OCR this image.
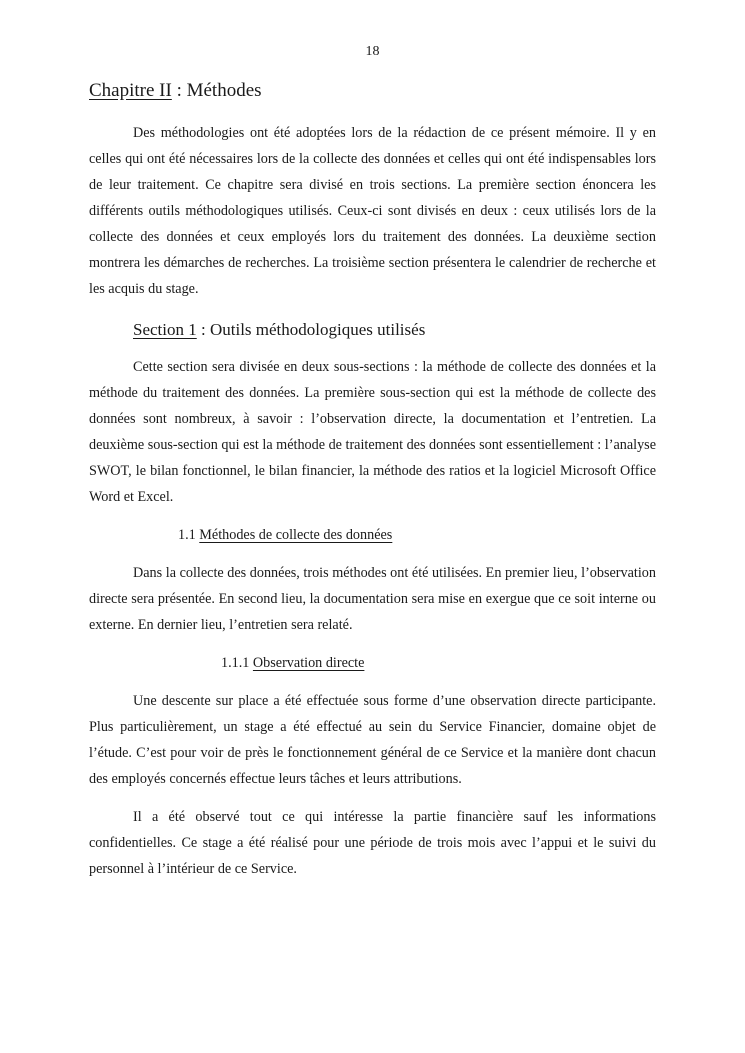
18
Chapitre II : Méthodes

Des méthodologies ont été adoptées lors de la rédaction de ce présent mémoire. Il y en celles qui ont été nécessaires lors de la collecte des données et celles qui ont été indispensables lors de leur traitement. Ce chapitre sera divisé en trois sections. La première section énoncera les différents outils méthodologiques utilisés. Ceux-ci sont divisés en deux : ceux utilisés lors de la collecte des données et ceux employés lors du traitement des données. La deuxième section montrera les démarches de recherches. La troisième section présentera le calendrier de recherche et les acquis du stage.

Section 1 : Outils méthodologiques utilisés

Cette section sera divisée en deux sous-sections : la méthode de collecte des données et la méthode du traitement des données. La première sous-section qui est la méthode de collecte des données sont nombreux, à savoir : l’observation directe, la documentation et l’entretien. La deuxième sous-section qui est la méthode de traitement des données sont essentiellement : l’analyse SWOT, le bilan fonctionnel, le bilan financier, la méthode des ratios et la logiciel Microsoft Office Word et Excel.

1.1 Méthodes de collecte des données

Dans la collecte des données, trois méthodes ont été utilisées. En premier lieu, l’observation directe sera présentée. En second lieu, la documentation sera mise en exergue que ce soit interne ou externe. En dernier lieu, l’entretien sera relaté.

1.1.1 Observation directe

Une descente sur place a été effectuée sous forme d’une observation directe participante. Plus particulièrement, un stage a été effectué au sein du Service Financier, domaine objet de l’étude. C’est pour voir de près le fonctionnement général de ce Service et la manière dont chacun des employés concernés effectue leurs tâches et leurs attributions.

Il a été observé tout ce qui intéresse la partie financière sauf les informations confidentielles. Ce stage a été réalisé pour une période de trois mois avec l’appui et le suivi du personnel à l’intérieur de ce Service.
